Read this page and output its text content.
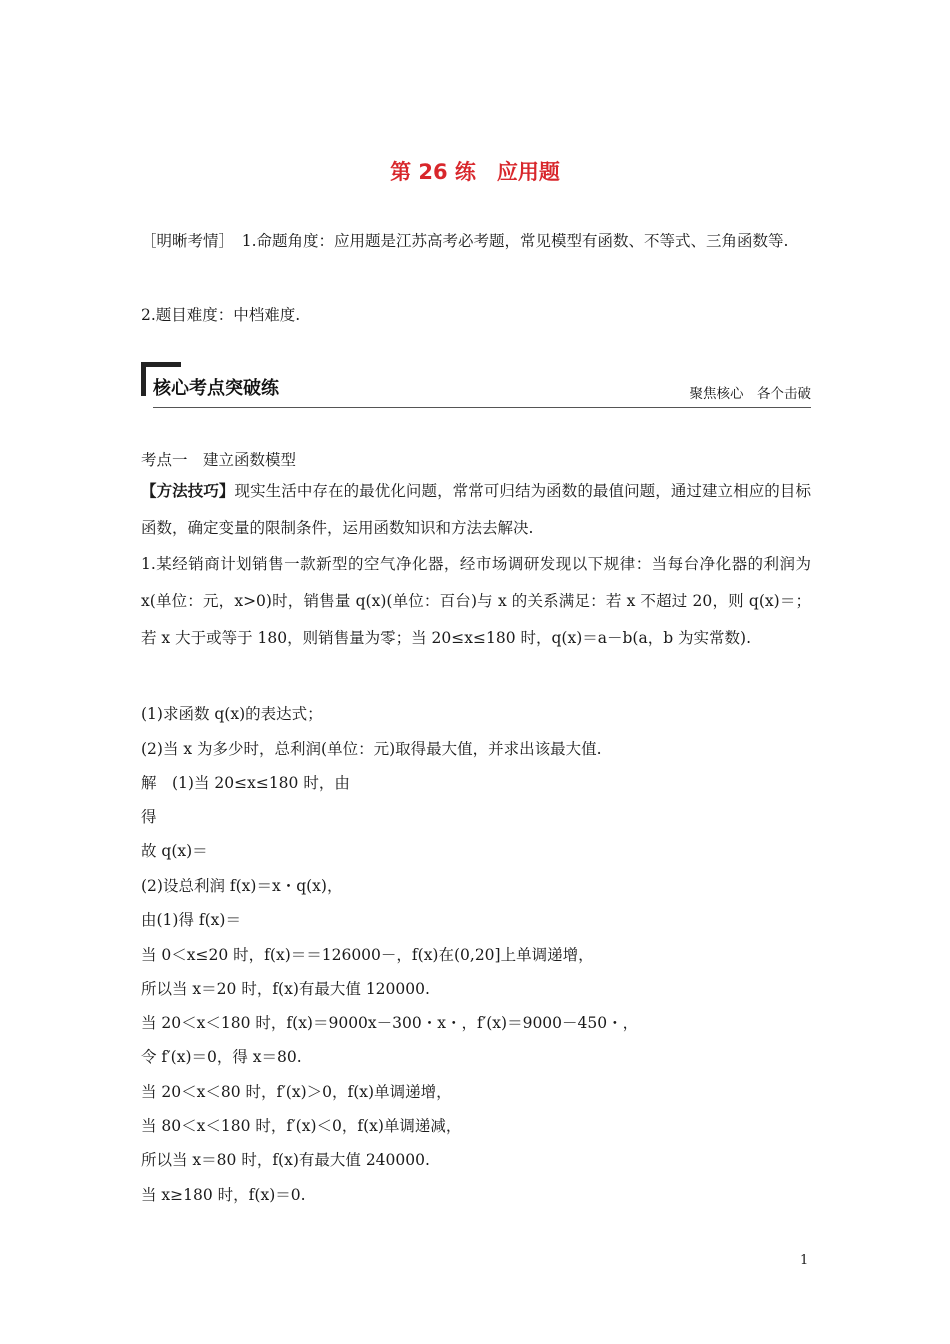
第 26 练　应用题
［明晰考情］　1.命题角度：应用题是江苏高考必考题，常见模型有函数、不等式、三角函数等.
2.题目难度：中档难度.
核心考点突破练	聚焦核心　各个击破
考点一　建立函数模型
【方法技巧】现实生活中存在的最优化问题，常常可归结为函数的最值问题，通过建立相应的目标函数，确定变量的限制条件，运用函数知识和方法去解决.
1.某经销商计划销售一款新型的空气净化器，经市场调研发现以下规律：当每台净化器的利润为 x(单位：元，x>0)时，销售量 q(x)(单位：百台)与 x 的关系满足：若 x 不超过 20，则 q(x)＝；若 x 大于或等于 180，则销售量为零；当 20≤x≤180 时，q(x)＝a－b(a，b 为实常数).
(1)求函数 q(x)的表达式；
(2)当 x 为多少时，总利润(单位：元)取得最大值，并求出该最大值.
解　(1)当 20≤x≤180 时，由
得
故 q(x)＝
(2)设总利润 f(x)＝x・q(x)，
由(1)得 f(x)＝
当 0＜x≤20 时，f(x)＝＝126000－，f(x)在(0,20]上单调递增，
所以当 x＝20 时，f(x)有最大值 120000.
当 20＜x＜180 时，f(x)＝9000x－300・x・，f′(x)＝9000－450・，
令 f′(x)＝0，得 x＝80.
当 20＜x＜80 时，f′(x)＞0，f(x)单调递增，
当 80＜x＜180 时，f′(x)＜0，f(x)单调递减，
所以当 x＝80 时，f(x)有最大值 240000.
当 x≥180 时，f(x)＝0.
1
